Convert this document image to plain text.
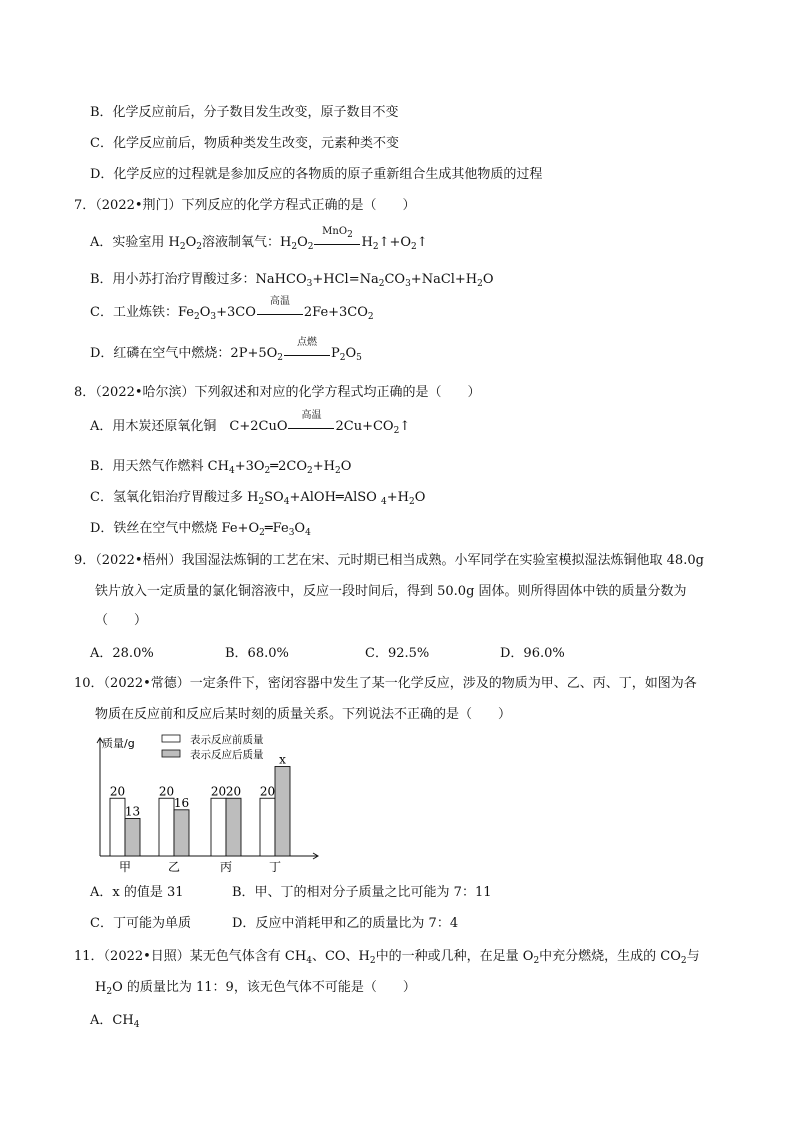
B．化学反应前后，分子数目发生改变，原子数目不变
C．化学反应前后，物质种类发生改变，元素种类不变
D．化学反应的过程就是参加反应的各物质的原子重新组合生成其他物质的过程
7．（2022•荆门）下列反应的化学方程式正确的是（　　）
A．实验室用 $H_2O_2$溶液制氧气：$H_2O_2$
MnO$_2$ $H_2↑+O_2↑$
B．用小苏打治疗胃酸过多：$NaHCO_3+HCl=Na_2CO_3+NaCl+H_2O$
C．工业炼铁：$Fe_2O_3+3CO$
高温
$2Fe+3CO_2$
D．红磷在空气中燃烧：$2P+5O_2$
点燃
$P_2O_5$
8．（2022•哈尔滨）下列叙述和对应的化学方程式均正确的是（　　）
A．用木炭还原氧化铜　C+2CuO
高温
$2Cu+CO_2↑$
B．用天然气作燃料 $CH_4+3O_2═2CO_2+H_2O$
C．氢氧化铝治疗胃酸过多 $H_2SO_4+AlOH═AlSO$ $_4+H_2O$
D．铁丝在空气中燃烧 $Fe+O_2═Fe_3O_4$
9．（2022•梧州）我国湿法炼铜的工艺在宋、元时期已相当成熟。小军同学在实验室模拟湿法炼铜他取 48.0g
铁片放入一定质量的氯化铜溶液中，反应一段时间后，得到 50.0g 固体。则所得固体中铁的质量分数为
（　　）
A．28.0%	B．68.0%	C．92.5%	D．96.0%
10．（2022•常德）一定条件下，密闭容器中发生了某一化学反应，涉及的物质为甲、乙、丙、丁，如图为各
物质在反应前和反应后某时刻的质量关系。下列说法不正确的是（　　）
质量/g	表示反应前质量
表示反应后质量
20
13
甲
20
16
乙
20 20
丙
20
x
丁
A．x 的值是 31	B．甲、丁的相对分子质量之比可能为 7：11
C．丁可能为单质	D．反应中消耗甲和乙的质量比为 7：4
11．（2022•日照）某无色气体含有 $CH_4$、CO、$H_2$中的一种或几种，在足量 $O_2$中充分燃烧，生成的 $CO_2$与
$H_2O$ 的质量比为 11：9，该无色气体不可能是（　　）
A．$CH_4$
